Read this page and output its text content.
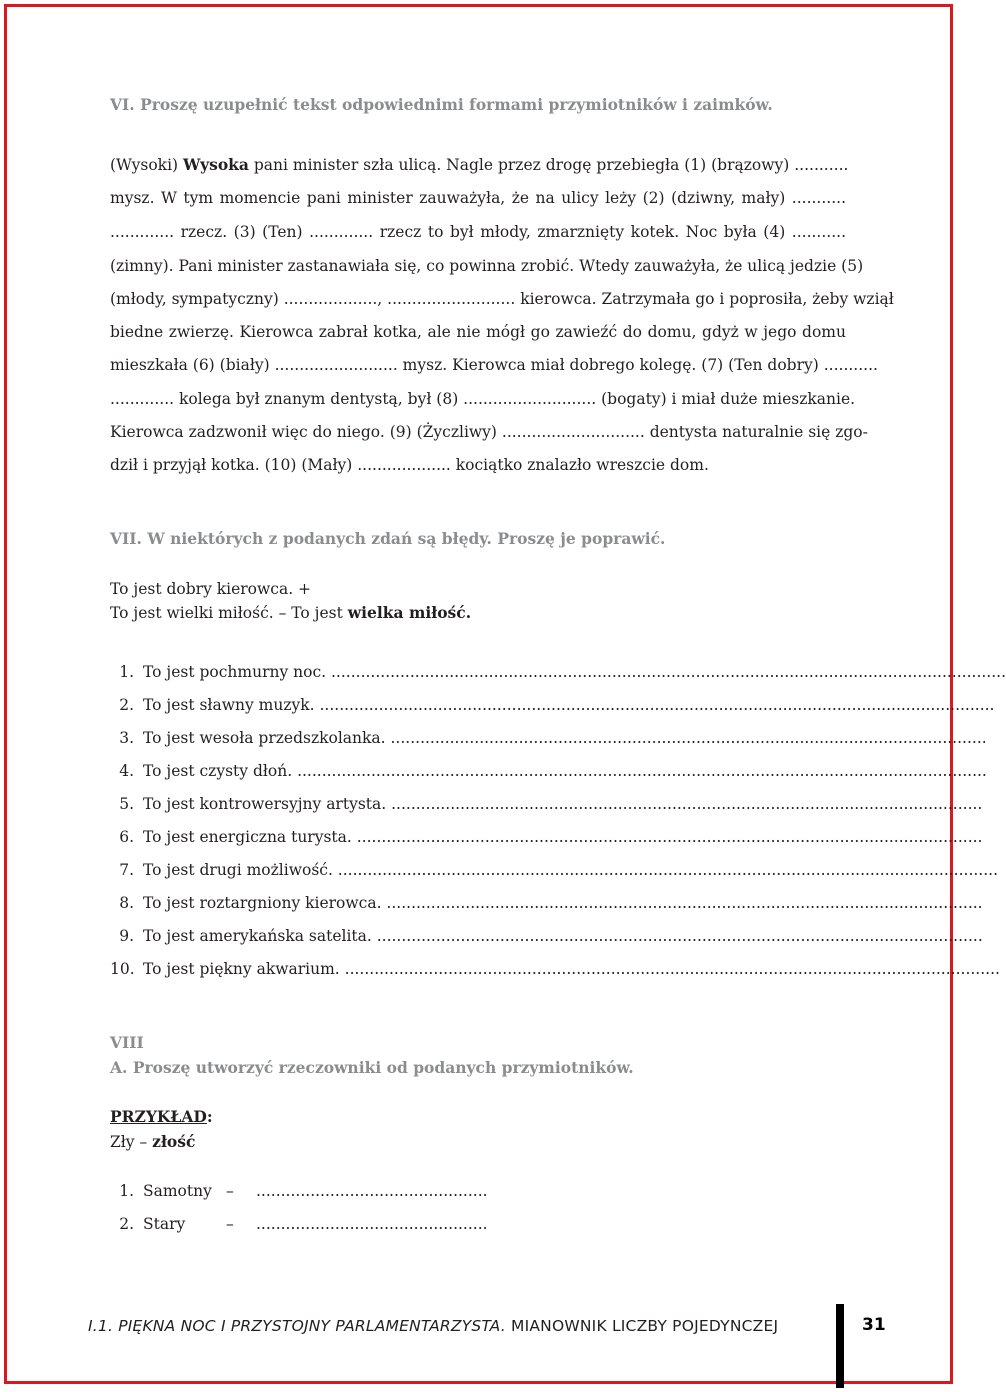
VI. Proszę uzupełnić tekst odpowiednimi formami przymiotników i zaimków.
(Wysoki) Wysoka pani minister szła ulicą. Nagle przez drogę przebiegła (1) (brązowy) ...........
mysz. W tym momencie pani minister zauważyła, że na ulicy leży (2) (dziwny, mały) ...........
............. rzecz. (3) (Ten) ............. rzecz to był młody, zmarznięty kotek. Noc była (4) ...........
(zimny). Pani minister zastanawiała się, co powinna zrobić. Wtedy zauważyła, że ulicą jedzie (5)
(młody, sympatyczny) ..................., .......................... kierowca. Zatrzymała go i poprosiła, żeby wziął
biedne zwierzę. Kierowca zabrał kotka, ale nie mógł go zawieźć do domu, gdyż w jego domu
mieszkała (6) (biały) ......................... mysz. Kierowca miał dobrego kolegę. (7) (Ten dobry) ...........
............. kolega był znanym dentystą, był (8) ........................... (bogaty) i miał duże mieszkanie.
Kierowca zadzwonił więc do niego. (9) (Życzliwy) ............................. dentysta naturalnie się zgo-
dził i przyjął kotka. (10) (Mały) ................... kociątko znalazło wreszcie dom.
VII. W niektórych z podanych zdań są błędy. Proszę je poprawić.
To jest dobry kierowca. +
To jest wielki miłość. – To jest wielka miłość.
1. To jest pochmurny noc. .........................................................................................................................................
2. To jest sławny muzyk. .........................................................................................................................................
3. To jest wesoła przedszkolanka. .........................................................................................................................
4. To jest czysty dłoń. ............................................................................................................................................
5. To jest kontrowersyjny artysta. ........................................................................................................................
6. To jest energiczna turysta. ...............................................................................................................................
7. To jest drugi możliwość. ......................................................................................................................................
8. To jest roztargniony kierowca. .........................................................................................................................
9. To jest amerykańska satelita. ...........................................................................................................................
10. To jest piękny akwarium. .....................................................................................................................................
VIII
A. Proszę utworzyć rzeczowniki od podanych przymiotników.
PRZYKŁAD:
Zły – złość
1. Samotny – ...............................................
2. Stary	– ...............................................
I.1. PIĘKNA NOC I PRZYSTOJNY PARLAMENTARZYSTA. MIANOWNIK LICZBY POJEDYNCZEJ	31
